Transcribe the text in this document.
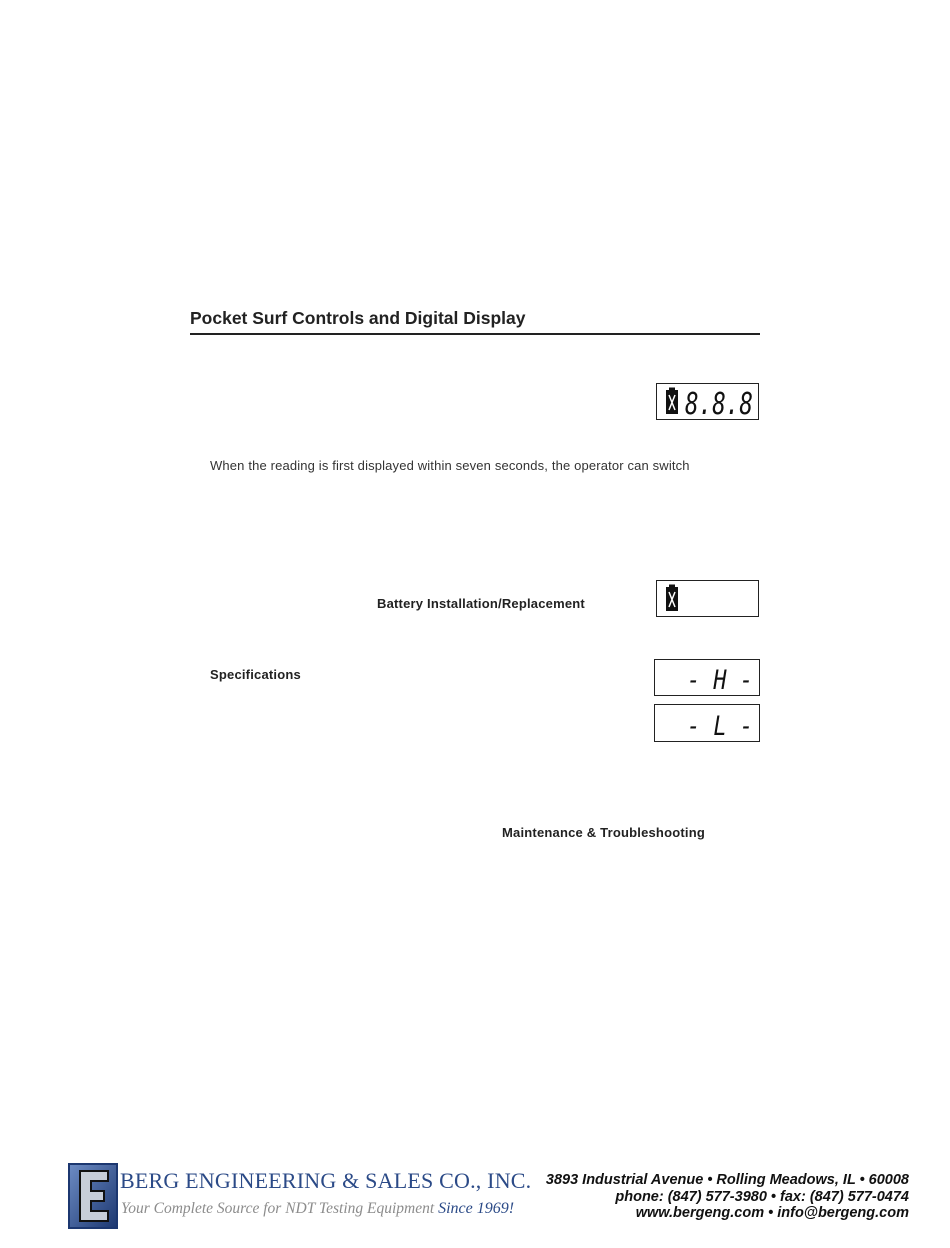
Pocket Surf Controls and Digital Display
8.8.8
When the reading is first displayed within seven seconds, the operator can switch
Battery Installation/Replacement
Specifications	- H -
- L -
Maintenance & Troubleshooting
BERG ENGINEERING & SALES CO., INC.
Your Complete Source for NDT Testing Equipment Since 1969!
3893 Industrial Avenue • Rolling Meadows, IL • 60008
phone: (847) 577-3980 • fax: (847) 577-0474
www.bergeng.com • info@bergeng.com
